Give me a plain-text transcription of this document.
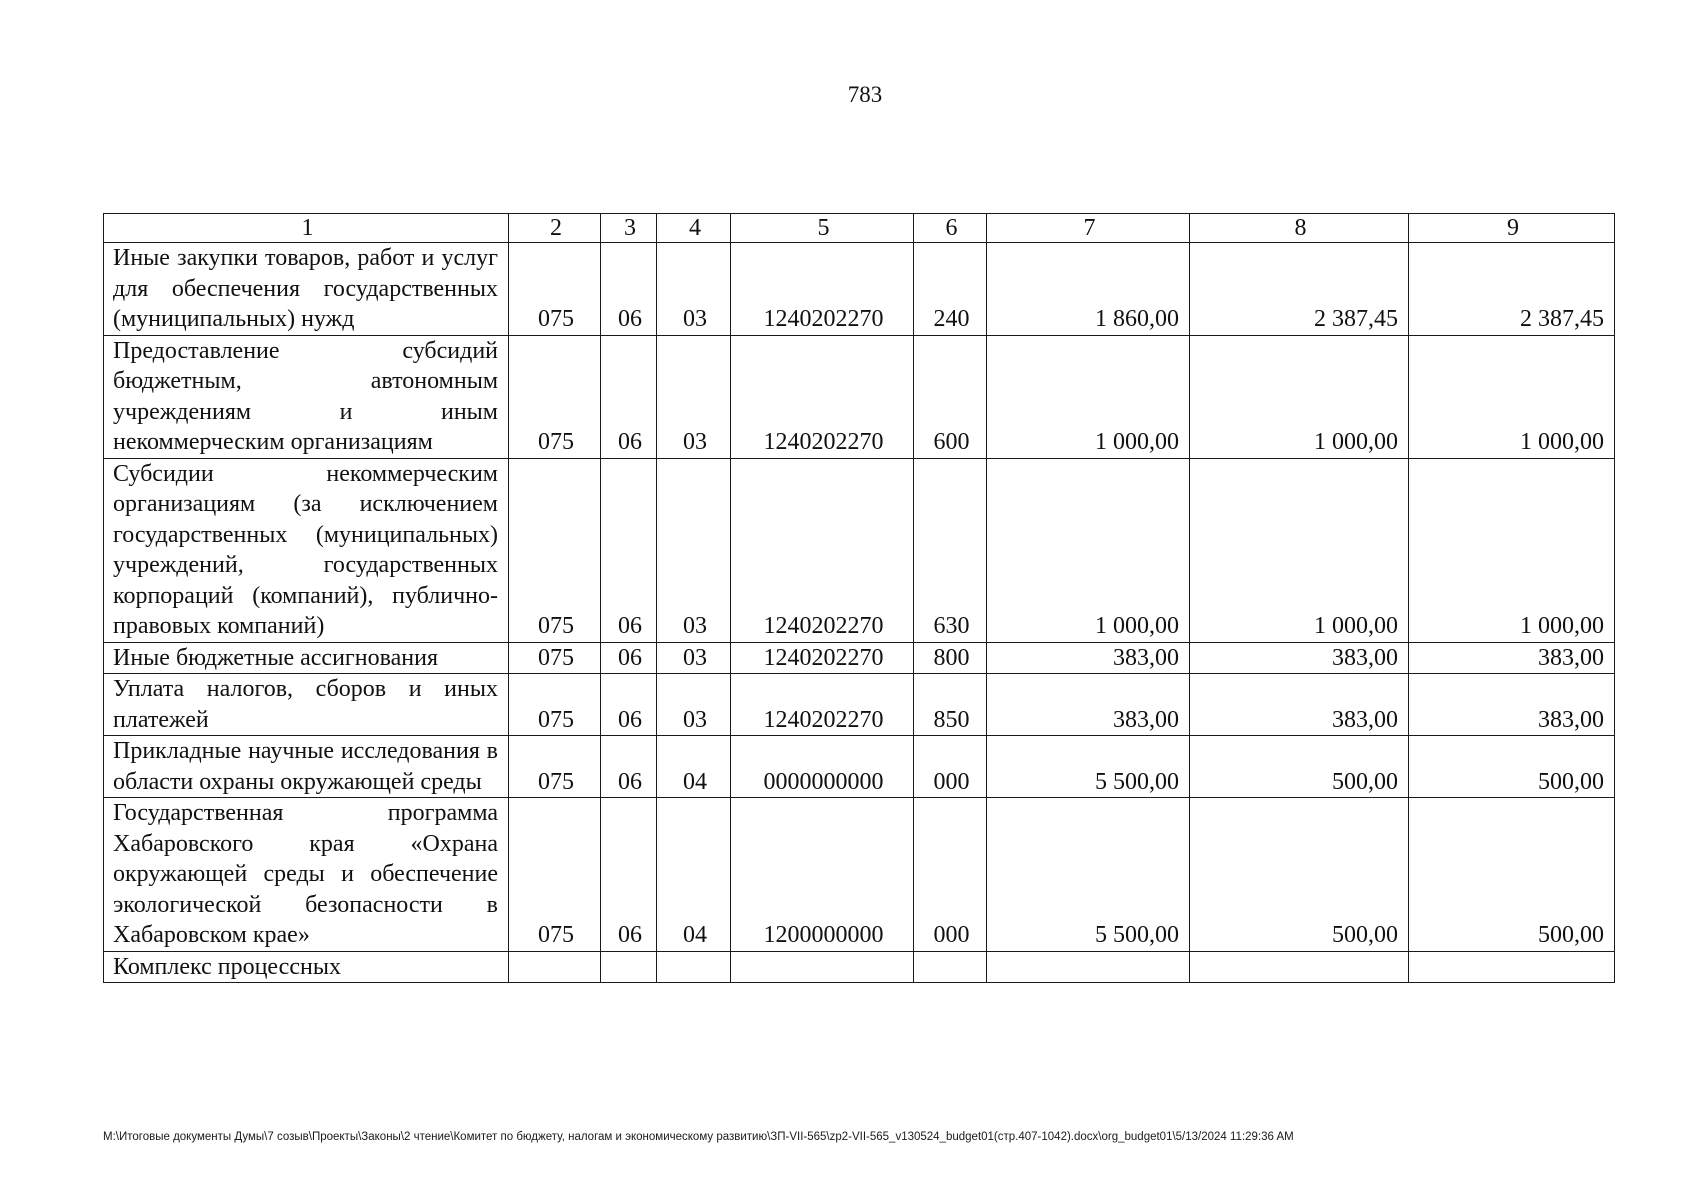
783
1	2	3	4	5	6	7	8	9
Иные закупки товаров, работ и услуг для обеспечения государственных (муниципальных) нужд	075	06	03	1240202270	240	1 860,00	2 387,45	2 387,45
Предоставление субсидий бюджетным, автономным учреждениям и иным некоммерческим организациям	075	06	03	1240202270	600	1 000,00	1 000,00	1 000,00
Субсидии некоммерческим организациям (за исключением государственных (муниципальных) учреждений, государственных корпораций (компаний), публично-правовых компаний)	075	06	03	1240202270	630	1 000,00	1 000,00	1 000,00
Иные бюджетные ассигнования	075	06	03	1240202270	800	383,00	383,00	383,00
Уплата налогов, сборов и иных платежей	075	06	03	1240202270	850	383,00	383,00	383,00
Прикладные научные исследования в области охраны окружающей среды	075	06	04	0000000000	000	5 500,00	500,00	500,00
Государственная программа Хабаровского края «Охрана окружающей среды и обеспечение экологической безопасности в Хабаровском крае»	075	06	04	1200000000	000	5 500,00	500,00	500,00
Комплекс процессных								
M:\Итоговые документы Думы\7 созыв\Проекты\Законы\2 чтение\Комитет по бюджету, налогам и экономическому развитию\ЗП-VII-565\zp2-VII-565_v130524_budget01(стр.407-1042).docx\org_budget01\5/13/2024 11:29:36 AM
